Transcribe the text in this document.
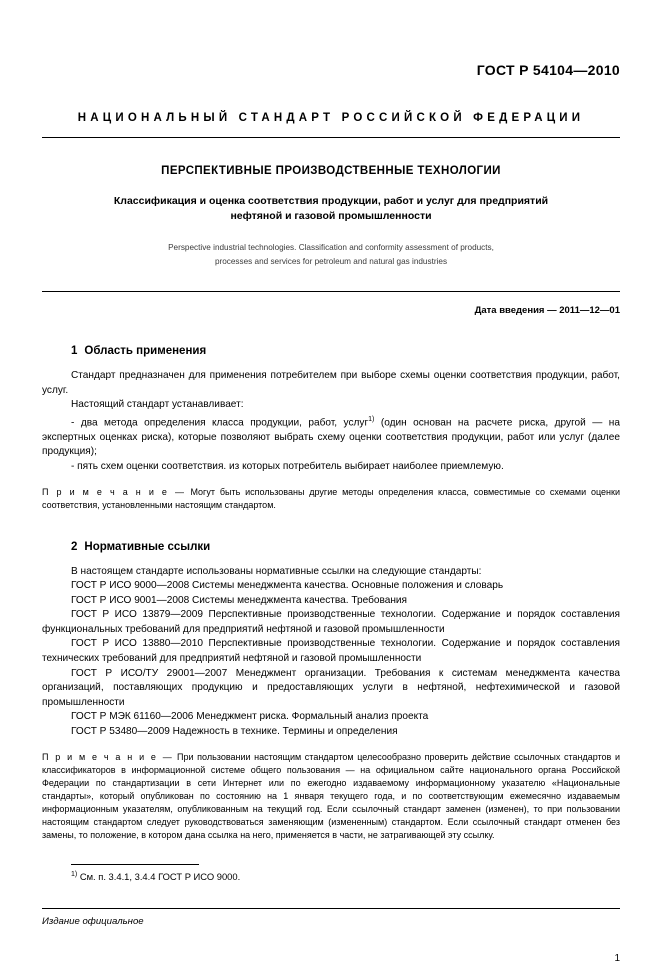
ГОСТ Р 54104—2010
НАЦИОНАЛЬНЫЙ СТАНДАРТ РОССИЙСКОЙ ФЕДЕРАЦИИ
ПЕРСПЕКТИВНЫЕ ПРОИЗВОДСТВЕННЫЕ ТЕХНОЛОГИИ
Классификация и оценка соответствия продукции, работ и услуг для предприятий
нефтяной и газовой промышленности
Perspective industrial technologies. Classification and conformity assessment of products,
processes and services for petroleum and natural gas industries
Дата введения — 2011—12—01
1 Область применения

Стандарт предназначен для применения потребителем при выборе схемы оценки соответствия продукции, работ, услуг.

Настоящий стандарт устанавливает:

- два метода определения класса продукции, работ, услуг$^{1)}$ (один основан на расчете риска, другой — на экспертных оценках риска), которые позволяют выбрать схему оценки соответствия продукции, работ или услуг (далее продукция);

- пять схем оценки соответствия. из которых потребитель выбирает наиболее приемлемую.

П р и м е ч а н и е — Могут быть использованы другие методы определения класса, совместимые со схемами оценки соответствия, установленными настоящим стандартом.
2 Нормативные ссылки

В настоящем стандарте использованы нормативные ссылки на следующие стандарты:

ГОСТ Р ИСО 9000—2008 Системы менеджмента качества. Основные положения и словарь

ГОСТ Р ИСО 9001—2008 Системы менеджмента качества. Требования

ГОСТ Р ИСО 13879—2009 Перспективные производственные технологии. Содержание и порядок составления функциональных требований для предприятий нефтяной и газовой промышленности

ГОСТ Р ИСО 13880—2010 Перспективные производственные технологии. Содержание и порядок составления технических требований для предприятий нефтяной и газовой промышленности

ГОСТ Р ИСО/ТУ 29001—2007 Менеджмент организации. Требования к системам менеджмента качества организаций, поставляющих продукцию и предоставляющих услуги в нефтяной, нефтехимической и газовой промышленности

ГОСТ Р МЭК 61160—2006 Менеджмент риска. Формальный анализ проекта

ГОСТ Р 53480—2009 Надежность в технике. Термины и определения

П р и м е ч а н и е — При пользовании настоящим стандартом целесообразно проверить действие ссылочных стандартов и классификаторов в информационной системе общего пользования — на официальном сайте национального органа Российской Федерации по стандартизации в сети Интернет или по ежегодно издаваемому информационному указателю «Национальные стандарты», который опубликован по состоянию на 1 января текущего года, и по соответствующим ежемесячно издаваемым информационным указателям, опубликованным на текущий год. Если ссылочный стандарт заменен (изменен), то при пользовании настоящим стандартом следует руководствоваться заменяющим (измененным) стандартом. Если ссылочный стандарт отменен без замены, то положение, в котором дана ссылка на него, применяется в части, не затрагивающей эту ссылку.
$^{1)}$ См. п. 3.4.1, 3.4.4 ГОСТ Р ИСО 9000.
Издание официальное
1
